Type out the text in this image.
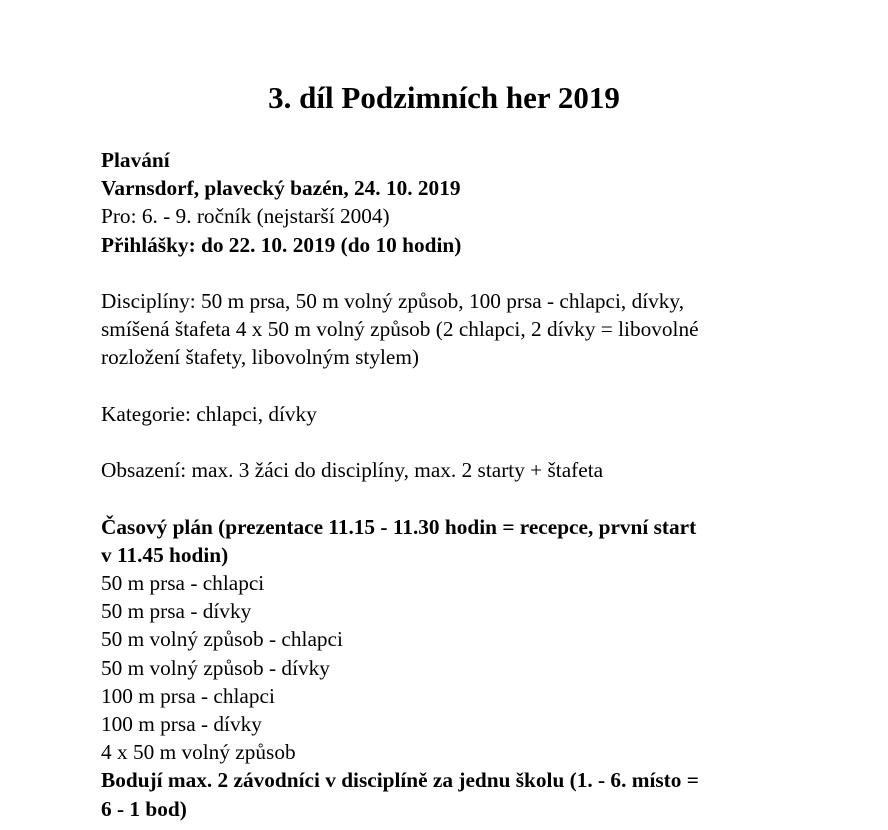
3. díl Podzimních her 2019
Plavání
Varnsdorf, plavecký bazén, 24. 10. 2019
Pro: 6. - 9. ročník (nejstarší 2004)
Přihlášky: do 22. 10. 2019 (do 10 hodin)
Disciplíny: 50 m prsa, 50 m volný způsob, 100 prsa - chlapci, dívky,
smíšená štafeta 4 x 50 m volný způsob (2 chlapci, 2 dívky = libovolné
rozložení štafety, libovolným stylem)
Kategorie: chlapci, dívky
Obsazení: max. 3 žáci do disciplíny, max. 2 starty + štafeta
Časový plán (prezentace 11.15 - 11.30 hodin = recepce, první start
v 11.45 hodin)
50 m prsa - chlapci
50 m prsa - dívky
50 m volný způsob - chlapci
50 m volný způsob - dívky
100 m prsa - chlapci
100 m prsa - dívky
4 x 50 m volný způsob
Bodují max. 2 závodníci v disciplíně za jednu školu (1. - 6. místo =
6 - 1 bod)
